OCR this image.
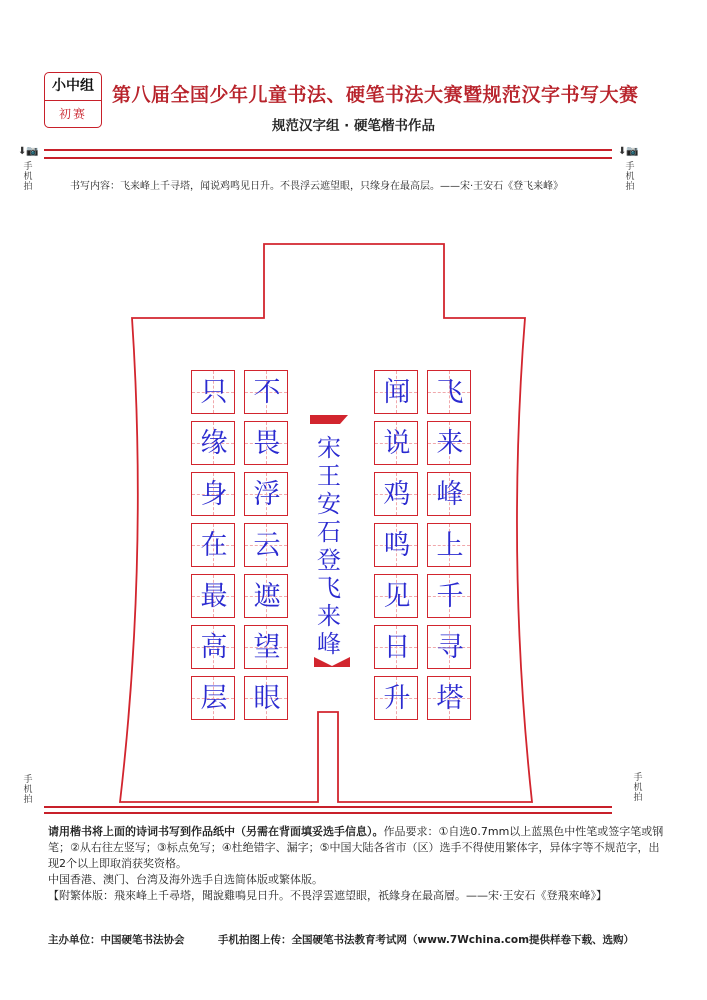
小中组
初赛
第八届全国少年儿童书法、硬笔书法大赛暨规范汉字书写大赛
规范汉字组 · 硬笔楷书作品
⬇📷
手机拍
⬇📷
手机拍
书写内容：飞来峰上千寻塔，闻说鸡鸣见日升。不畏浮云遮望眼，只缘身在最高层。——宋·王安石《登飞来峰》
宋
王
安
石
登
飞
来
峰
飞
来
峰
上
千
寻
塔
闻
说
鸡
鸣
见
日
升
不
畏
浮
云
遮
望
眼
只
缘
身
在
最
高
层
手机拍
手机拍

请用楷书将上面的诗词书写到作品纸中（另需在背面填妥选手信息）。作品要求：①自选0.7mm以上蓝黑色中性笔或签字笔或钢笔；②从右往左竖写；③标点免写；④杜绝错字、漏字；⑤中国大陆各省市（区）选手不得使用繁体字，异体字等不规范字，出现2个以上即取消获奖资格。

中国香港、澳门、台湾及海外选手自选简体版或繁体版。

【附繁体版：飛來峰上千尋塔，聞說雞鳴見日升。不畏浮雲遮望眼，祇緣身在最高層。——宋·王安石《登飛來峰》】

主办单位：中国硬笔书法协会	手机拍图上传：全国硬笔书法教育考试网（www.7Wchina.com提供样卷下载、选购）
